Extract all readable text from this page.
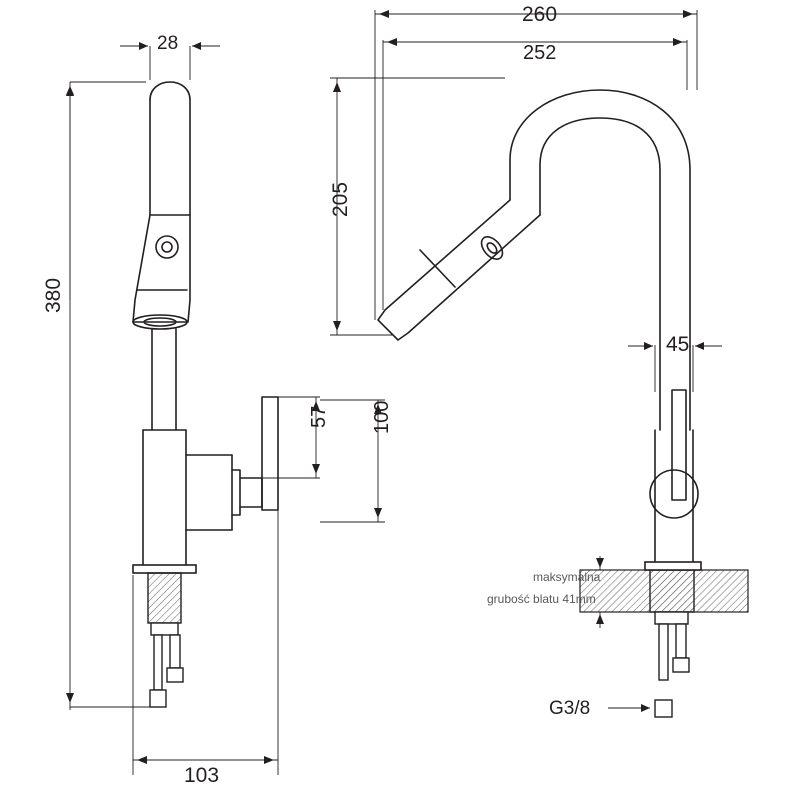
28
380
103
57 100
260
252
205
45
G3/8
maksymalna
grubość blatu 41mm
